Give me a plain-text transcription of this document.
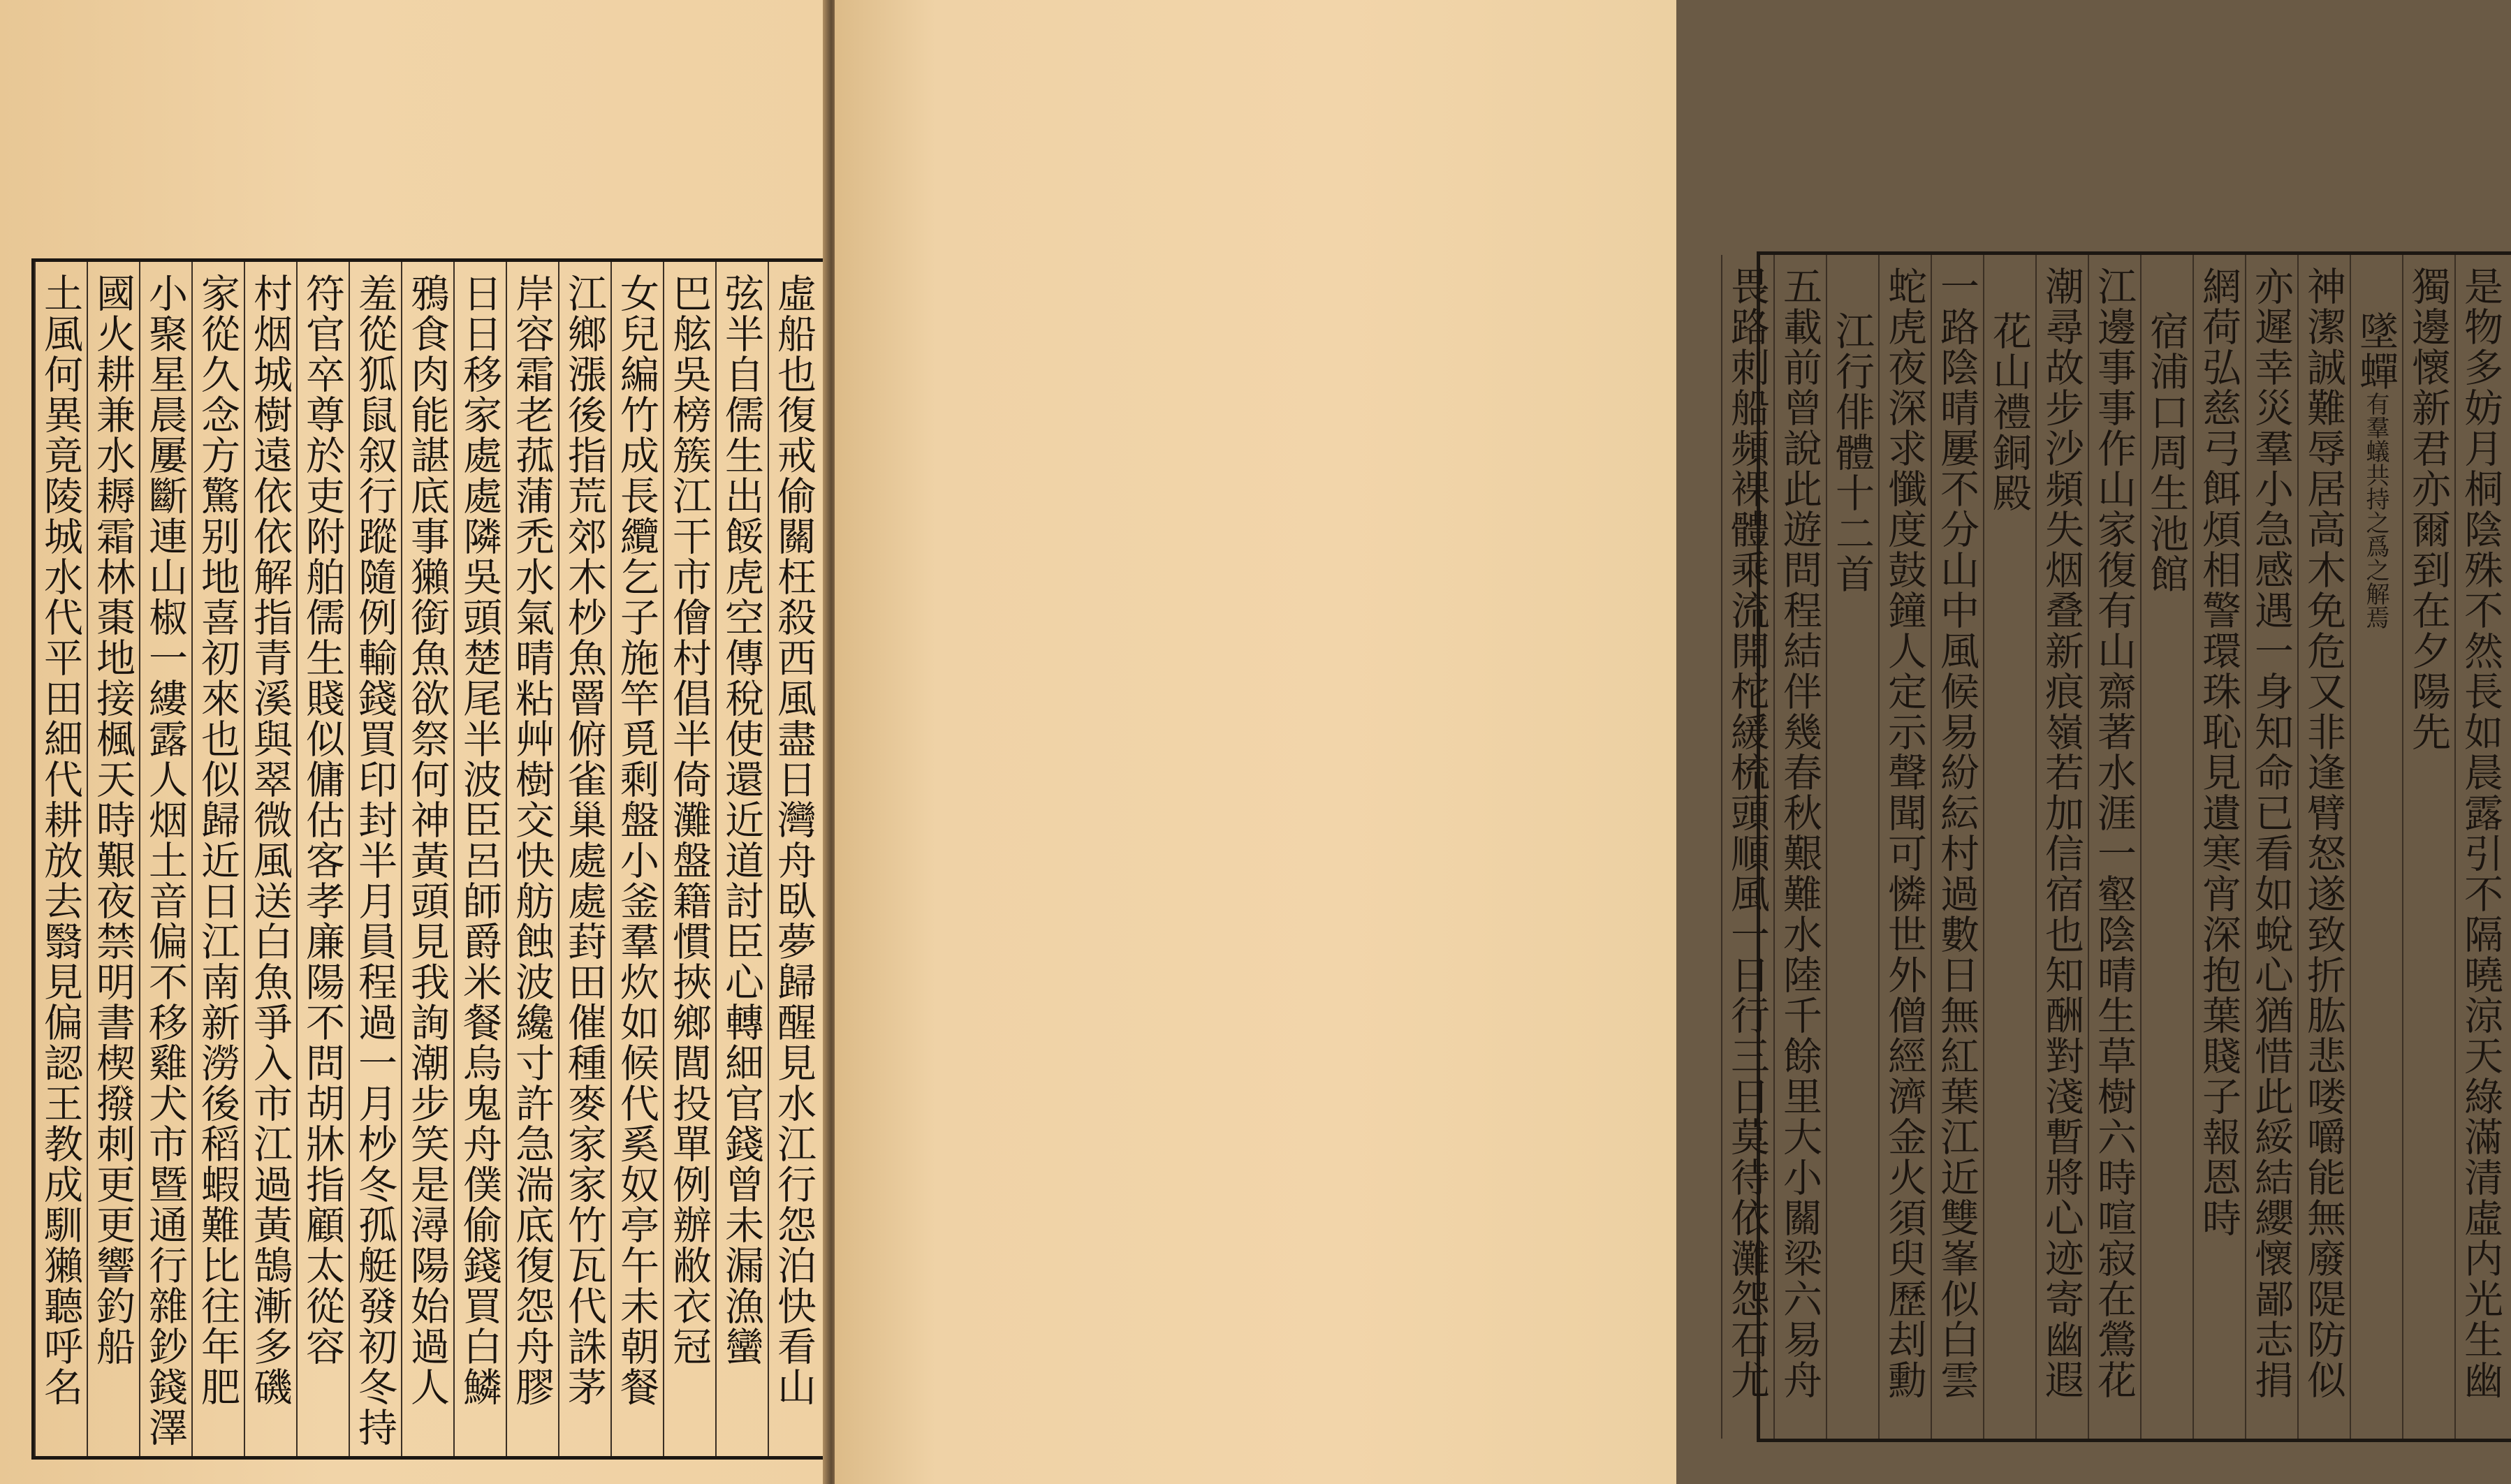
虛船也復戒偷關枉殺西風盡日灣舟臥夢歸醒見水江行怨泊快看山
弦半自儒生出餒虎空傳稅使還近道討臣心轉細官錢曾未漏漁蠻
巴舷吳榜簇江干市儈村倡半倚灘盤籍慣挾鄉閭投單例辦敝衣冠
女兒編竹成長纜乞子施竿覓剩盤小釜羣炊如候代奚奴亭午未朝餐
江鄉漲後指荒郊木杪魚罾俯雀巢處處葑田催種麥家家竹瓦代誅茅
岸容霜老菰蒲禿水氣晴粘艸樹交快舫蝕波纔寸許急湍底復怨舟膠
日日移家處處隣吳頭楚尾半波臣呂師爵米餐烏鬼舟僕偷錢買白鱗
鴉食肉能諶底事獺銜魚欲祭何神黃頭見我詢潮步笑是潯陽始過人
羞從狐鼠叙行蹤隨例輸錢買印封半月員程過一月杪冬孤艇發初冬持
符官卒尊於吏附舶儒生賤似傭估客孝廉陽不問胡牀指顧太從容
村烟城樹遠依依解指青溪與翠微風送白魚爭入市江過黃鵠漸多磯
家從久念方驚别地喜初來也似歸近日江南新澇後稻蝦難比往年肥
小聚星晨屢斷連山椒一縷露人烟土音偏不移雞犬市暨通行雜鈔錢澤
國火耕兼水耨霜林棗地接楓天時艱夜禁明書楔撥刺更更響釣船
土風何異竟陵城水代平田細代耕放去翳見偏認王教成馴獺聽呼名	是物多妨月桐陰殊不然長如晨露引不隔曉涼天綠滿清虛内光生幽
獨邊懷新君亦爾到在夕陽先
墜蟬有羣蟻共持之爲之解焉
神潔誠難辱居高木免危又非逢臂怒遂致折肱悲喽嚼能無廢隄防似
亦遲幸災羣小急感遇一身知命已看如蛻心猶惜此綏結纓懷鄙志捐
網荷弘慈弓餌煩相警環珠恥見遺寒宵深抱葉賤子報恩時
宿浦口周生池館
江邊事事作山家復有山齋著水涯一壑陰晴生草樹六時喧寂在鶯花
潮尋故步沙頻失烟叠新痕嶺若加信宿也知酬對淺暫將心迹寄幽遐
花山禮銅殿
一路陰晴屢不分山中風候易紛紜村過數日無紅葉江近雙峯似白雲
蛇虎夜深求懺度鼓鐘人定示聲聞可憐世外僧經濟金火須臾歷刦勳
江行俳體十二首
五載前曾說此遊問程結伴幾春秋艱難水陸千餘里大小關梁六易舟
畏路刺船頻裸體乘流開柁緩梳頭順風一日行三日莫待依灘怨石尤
